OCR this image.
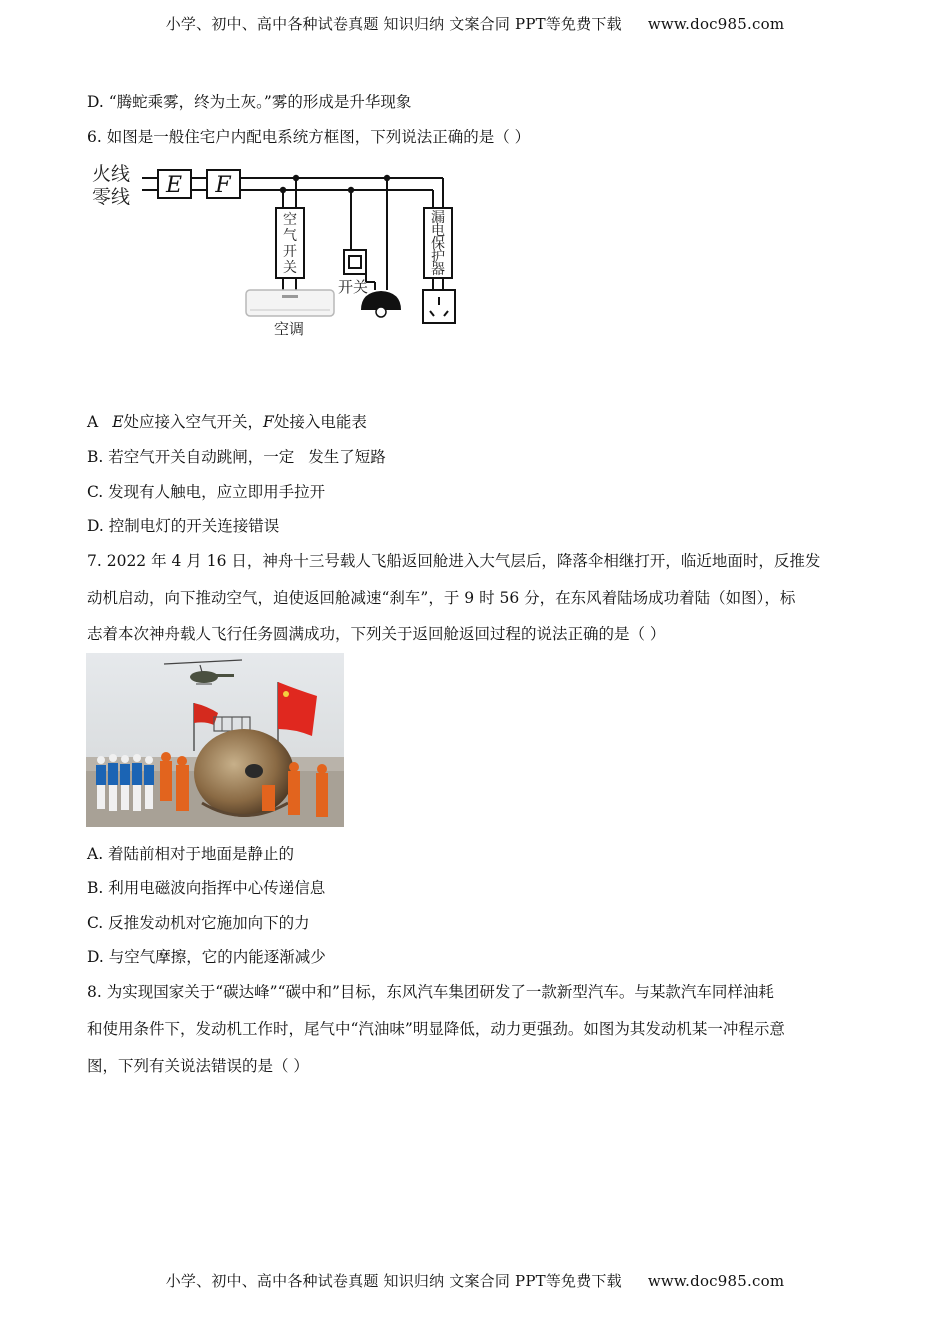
小学、初中、高中各种试卷真题 知识归纳 文案合同 PPT等免费下载 www.doc985.com
D. “腾蛇乘雾，终为土灰。”雾的形成是升华现象
6. 如图是一般住宅户内配电系统方框图，下列说法正确的是（ ）
火线
零线 E F
空
气
开
关
漏
电
保
护
器
开关
空调
A E处应接入空气开关，F处接入电能表
B. 若空气开关自动跳闸，一定 发生了短路
C. 发现有人触电，应立即用手拉开
D. 控制电灯的开关连接错误
7. 2022 年 4 月 16 日，神舟十三号载人飞船返回舱进入大气层后，降落伞相继打开，临近地面时，反推发
动机启动，向下推动空气，迫使返回舱减速“刹车”，于 9 时 56 分，在东风着陆场成功着陆（如图），标
志着本次神舟载人飞行任务圆满成功，下列关于返回舱返回过程的说法正确的是（ ）
A. 着陆前相对于地面是静止的
B. 利用电磁波向指挥中心传递信息
C. 反推发动机对它施加向下的力
D. 与空气摩擦，它的内能逐渐减少
8. 为实现国家关于“碳达峰”“碳中和”目标，东风汽车集团研发了一款新型汽车。与某款汽车同样油耗
和使用条件下，发动机工作时，尾气中“汽油味”明显降低，动力更强劲。如图为其发动机某一冲程示意
图，下列有关说法错误的是（ ）
小学、初中、高中各种试卷真题 知识归纳 文案合同 PPT等免费下载 www.doc985.com
